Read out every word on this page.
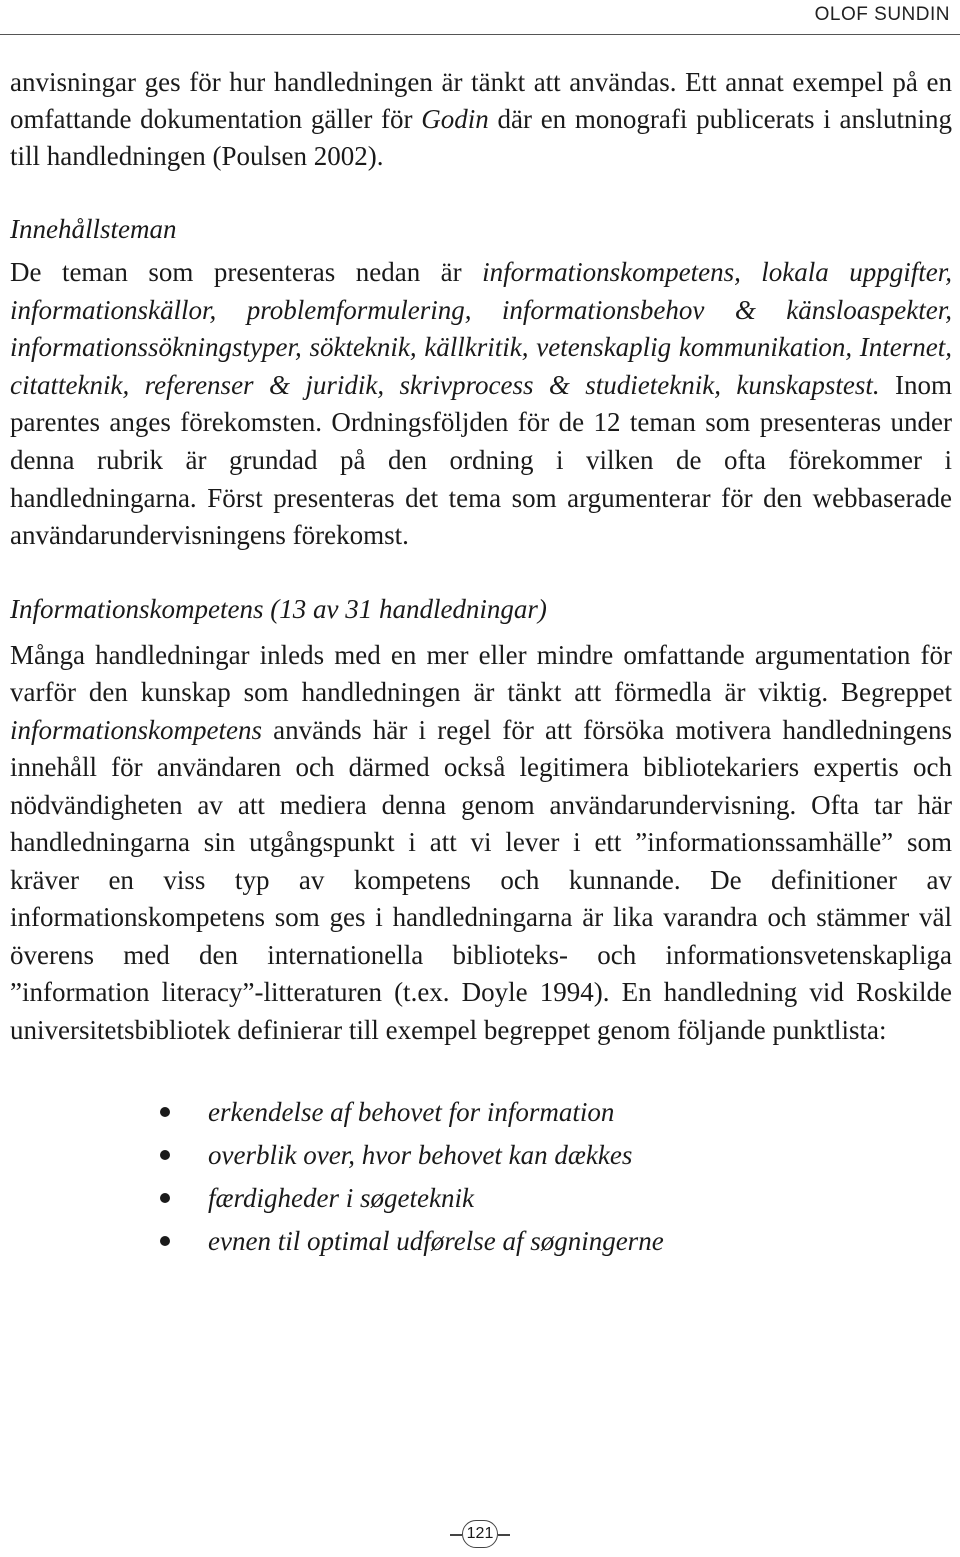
OLOF SUNDIN

anvisningar ges för hur handledningen är tänkt att användas. Ett annat exempel på en omfattande dokumentation gäller för Godin där en monografi publicerats i anslutning till handledningen (Poulsen 2002).

Innehållsteman

De teman som presenteras nedan är informationskompetens, lokala uppgifter, informationskällor, problemformulering, informationsbehov & känsloaspekter, informationssökningstyper, sökteknik, källkritik, vetenskaplig kommunikation, Internet, citatteknik, referenser & juridik, skrivprocess & studieteknik, kunskapstest. Inom parentes anges förekomsten. Ordningsföljden för de 12 teman som presenteras under denna rubrik är grundad på den ordning i vilken de ofta förekommer i handledningarna. Först presenteras det tema som argumenterar för den webbaserade användarundervisningens förekomst.

Informationskompetens (13 av 31 handledningar)

Många handledningar inleds med en mer eller mindre omfattande argumentation för varför den kunskap som handledningen är tänkt att förmedla är viktig. Begreppet informationskompetens används här i regel för att försöka motivera handledningens innehåll för användaren och därmed också legitimera bibliotekariers expertis och nödvändigheten av att mediera denna genom användarundervisning. Ofta tar här handledningarna sin utgångspunkt i att vi lever i ett ”informationssamhälle” som kräver en viss typ av kompetens och kunnande. De definitioner av informationskompetens som ges i handledningarna är lika varandra och stämmer väl överens med den internationella biblioteks- och informationsvetenskapliga ”information literacy”-litteraturen (t.ex. Doyle 1994). En handledning vid Roskilde universitetsbibliotek definierar till exempel begreppet genom följande punktlista:

erkendelse af behovet for information
overblik over, hvor behovet kan dækkes
færdigheder i søgeteknik
evnen til optimal udførelse af søgningerne
121
